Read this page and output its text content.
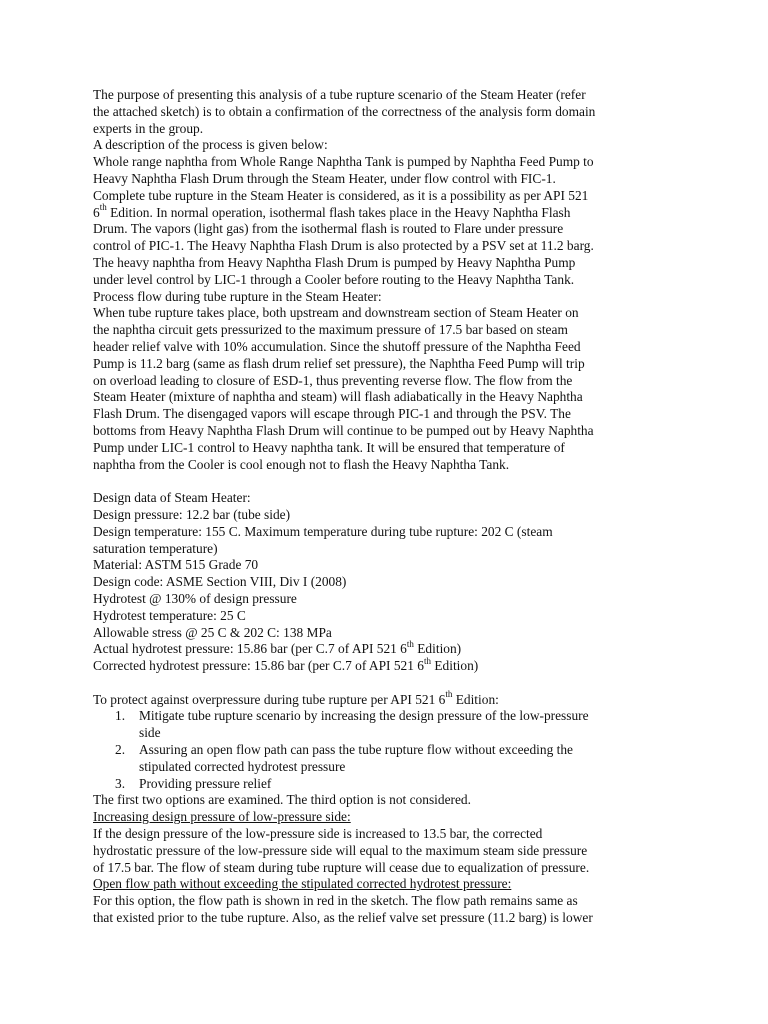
The purpose of presenting this analysis of a tube rupture scenario of the Steam Heater (refer
the attached sketch) is to obtain a confirmation of the correctness of the analysis form domain
experts in the group.
A description of the process is given below:
Whole range naphtha from Whole Range Naphtha Tank is pumped by Naphtha Feed Pump to
Heavy Naphtha Flash Drum through the Steam Heater, under flow control with FIC-1.
Complete tube rupture in the Steam Heater is considered, as it is a possibility as per API 521
6th Edition. In normal operation, isothermal flash takes place in the Heavy Naphtha Flash
Drum. The vapors (light gas) from the isothermal flash is routed to Flare under pressure
control of PIC-1. The Heavy Naphtha Flash Drum is also protected by a PSV set at 11.2 barg.
The heavy naphtha from Heavy Naphtha Flash Drum is pumped by Heavy Naphtha Pump
under level control by LIC-1 through a Cooler before routing to the Heavy Naphtha Tank.
Process flow during tube rupture in the Steam Heater:
When tube rupture takes place, both upstream and downstream section of Steam Heater on
the naphtha circuit gets pressurized to the maximum pressure of 17.5 bar based on steam
header relief valve with 10% accumulation. Since the shutoff pressure of the Naphtha Feed
Pump is 11.2 barg (same as flash drum relief set pressure), the Naphtha Feed Pump will trip
on overload leading to closure of ESD-1, thus preventing reverse flow. The flow from the
Steam Heater (mixture of naphtha and steam) will flash adiabatically in the Heavy Naphtha
Flash Drum. The disengaged vapors will escape through PIC-1 and through the PSV. The
bottoms from Heavy Naphtha Flash Drum will continue to be pumped out by Heavy Naphtha
Pump under LIC-1 control to Heavy naphtha tank. It will be ensured that temperature of
naphtha from the Cooler is cool enough not to flash the Heavy Naphtha Tank.
Design data of Steam Heater:
Design pressure: 12.2 bar (tube side)
Design temperature: 155 C. Maximum temperature during tube rupture: 202 C (steam
saturation temperature)
Material: ASTM 515 Grade 70
Design code: ASME Section VIII, Div I (2008)
Hydrotest @ 130% of design pressure
Hydrotest temperature: 25 C
Allowable stress @ 25 C & 202 C: 138 MPa
Actual hydrotest pressure: 15.86 bar (per C.7 of API 521 6th Edition)
Corrected hydrotest pressure: 15.86 bar (per C.7 of API 521 6th Edition)
To protect against overpressure during tube rupture per API 521 6th Edition:
1. Mitigate tube rupture scenario by increasing the design pressure of the low-pressure
side
2. Assuring an open flow path can pass the tube rupture flow without exceeding the
stipulated corrected hydrotest pressure
3. Providing pressure relief
The first two options are examined. The third option is not considered.
Increasing design pressure of low-pressure side:
If the design pressure of the low-pressure side is increased to 13.5 bar, the corrected
hydrostatic pressure of the low-pressure side will equal to the maximum steam side pressure
of 17.5 bar. The flow of steam during tube rupture will cease due to equalization of pressure.
Open flow path without exceeding the stipulated corrected hydrotest pressure:
For this option, the flow path is shown in red in the sketch. The flow path remains same as
that existed prior to the tube rupture. Also, as the relief valve set pressure (11.2 barg) is lower
